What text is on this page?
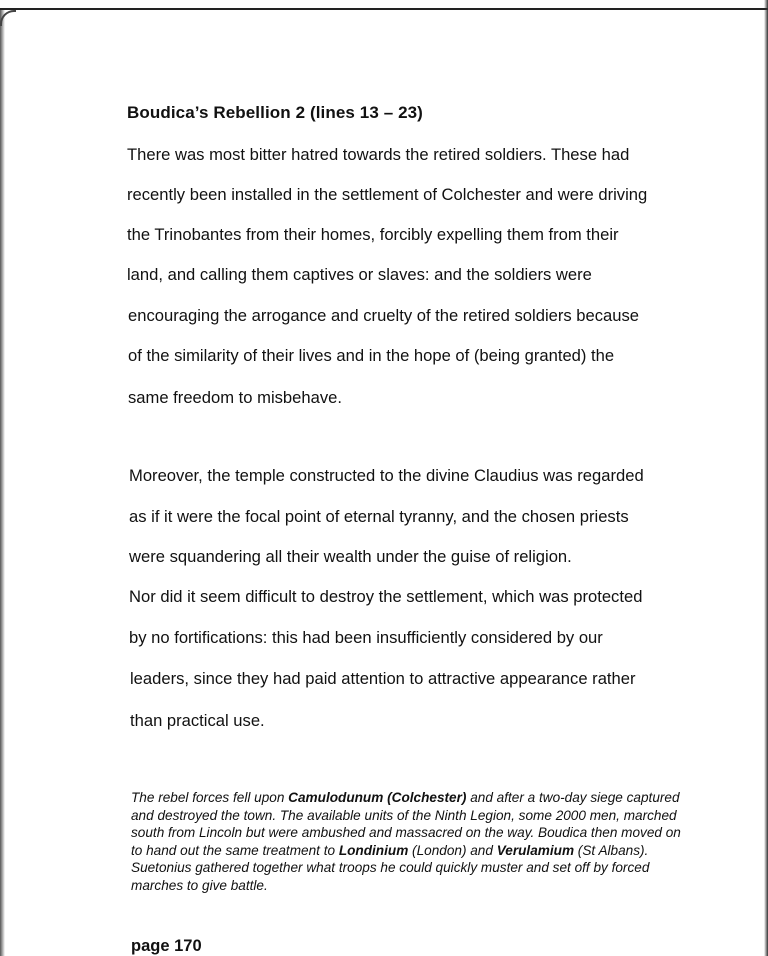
Boudica’s Rebellion 2 (lines 13 – 23)
There was most bitter hatred towards the retired soldiers. These had
recently been installed in the settlement of Colchester and were driving
the Trinobantes from their homes, forcibly expelling them from their
land, and calling them captives or slaves: and the soldiers were
encouraging the arrogance and cruelty of the retired soldiers because
of the similarity of their lives and in the hope of (being granted) the
same freedom to misbehave.
Moreover, the temple constructed to the divine Claudius was regarded
as if it were the focal point of eternal tyranny, and the chosen priests
were squandering all their wealth under the guise of religion.
Nor did it seem difficult to destroy the settlement, which was protected
by no fortifications: this had been insufficiently considered by our
leaders, since they had paid attention to attractive appearance rather
than practical use.
The rebel forces fell upon Camulodunum (Colchester) and after a two-day siege captured and destroyed the town. The available units of the Ninth Legion, some 2000 men, marched south from Lincoln but were ambushed and massacred on the way. Boudica then moved on to hand out the same treatment to Londinium (London) and Verulamium (St Albans). Suetonius gathered together what troops he could quickly muster and set off by forced marches to give battle.
page 170
